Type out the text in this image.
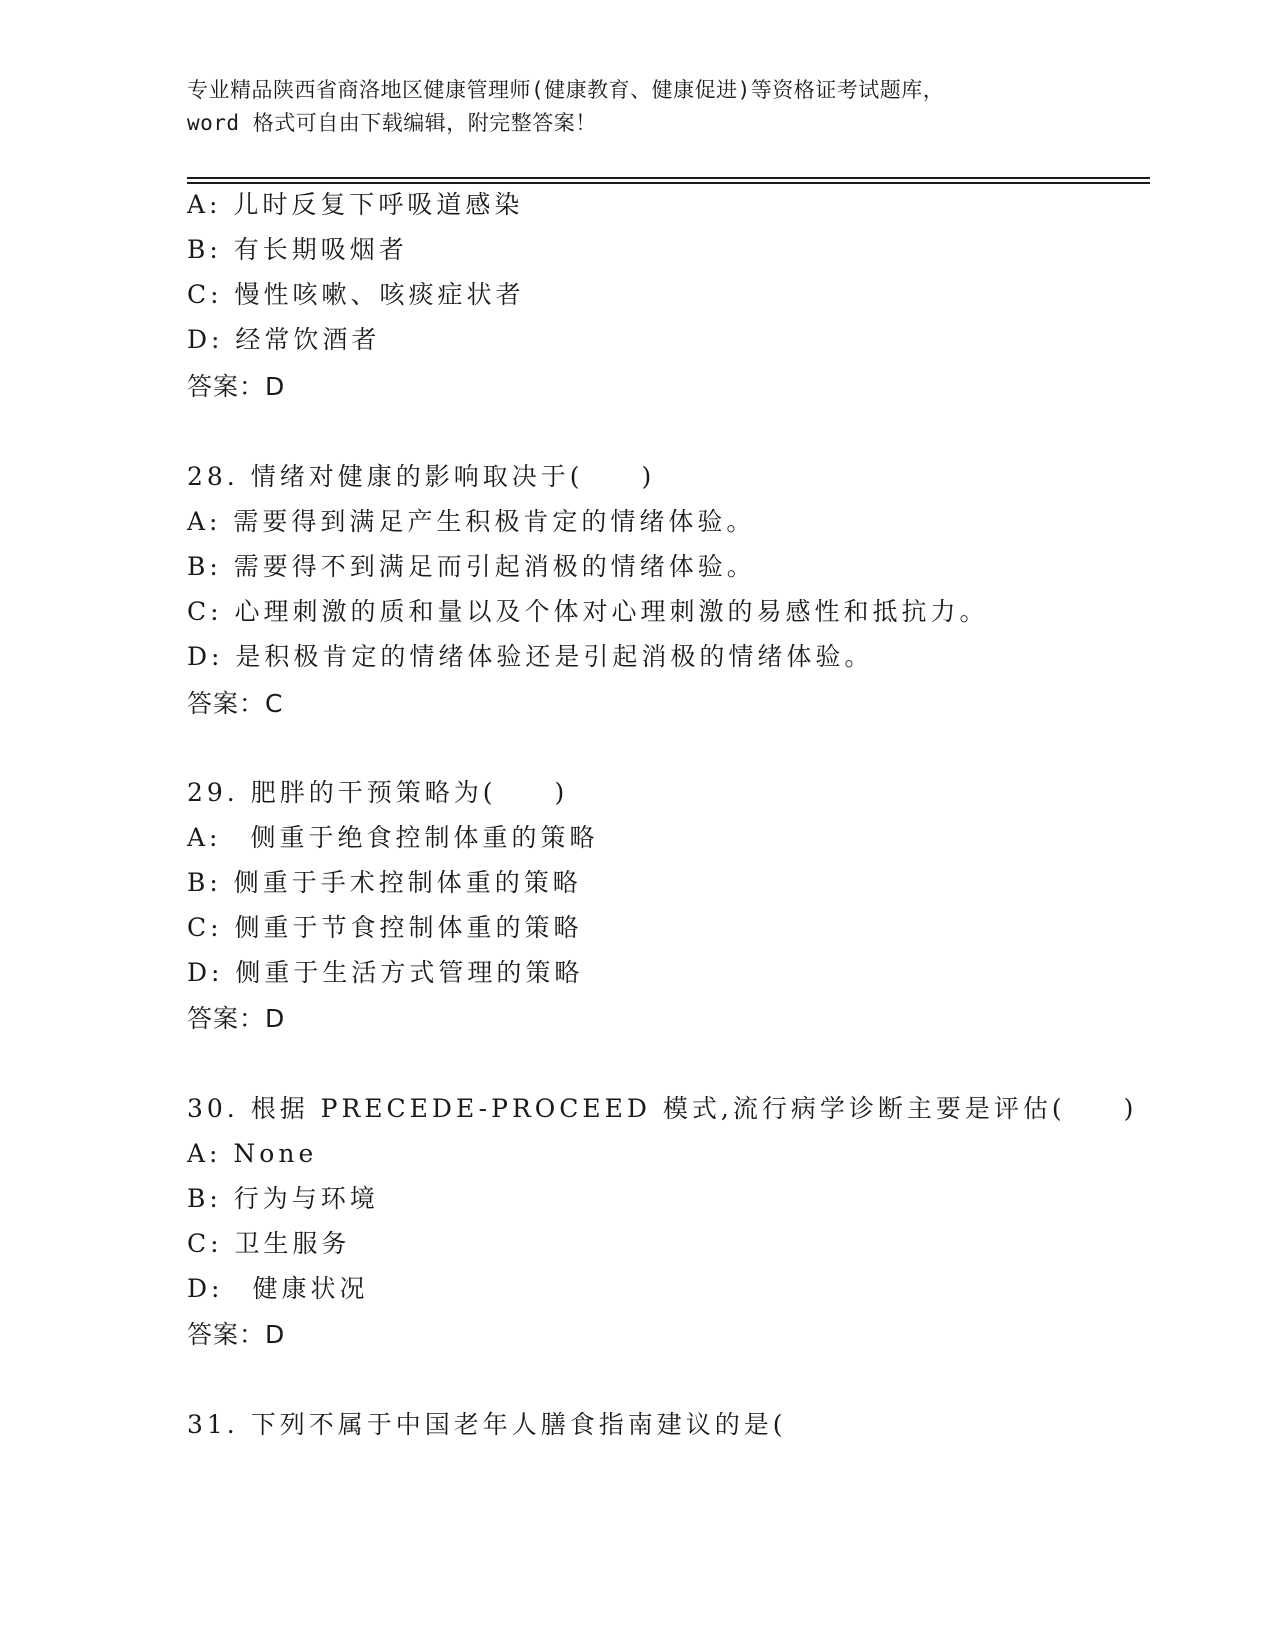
专业精品陕西省商洛地区健康管理师(健康教育、健康促进)等资格证考试题库，
word 格式可自由下载编辑，附完整答案！
A: 儿时反复下呼吸道感染
B: 有长期吸烟者
C: 慢性咳嗽、咳痰症状者
D: 经常饮酒者
答案：D
28. 情绪对健康的影响取决于(　　)
A: 需要得到满足产生积极肯定的情绪体验。
B: 需要得不到满足而引起消极的情绪体验。
C: 心理刺激的质和量以及个体对心理刺激的易感性和抵抗力。
D: 是积极肯定的情绪体验还是引起消极的情绪体验。
答案：C
29. 肥胖的干预策略为(　　)
A:　侧重于绝食控制体重的策略
B: 侧重于手术控制体重的策略
C: 侧重于节食控制体重的策略
D: 侧重于生活方式管理的策略
答案：D
30. 根据 PRECEDE-PROCEED 模式,流行病学诊断主要是评估(　　)
A: None
B: 行为与环境
C: 卫生服务
D:　健康状况
答案：D
31. 下列不属于中国老年人膳食指南建议的是(
